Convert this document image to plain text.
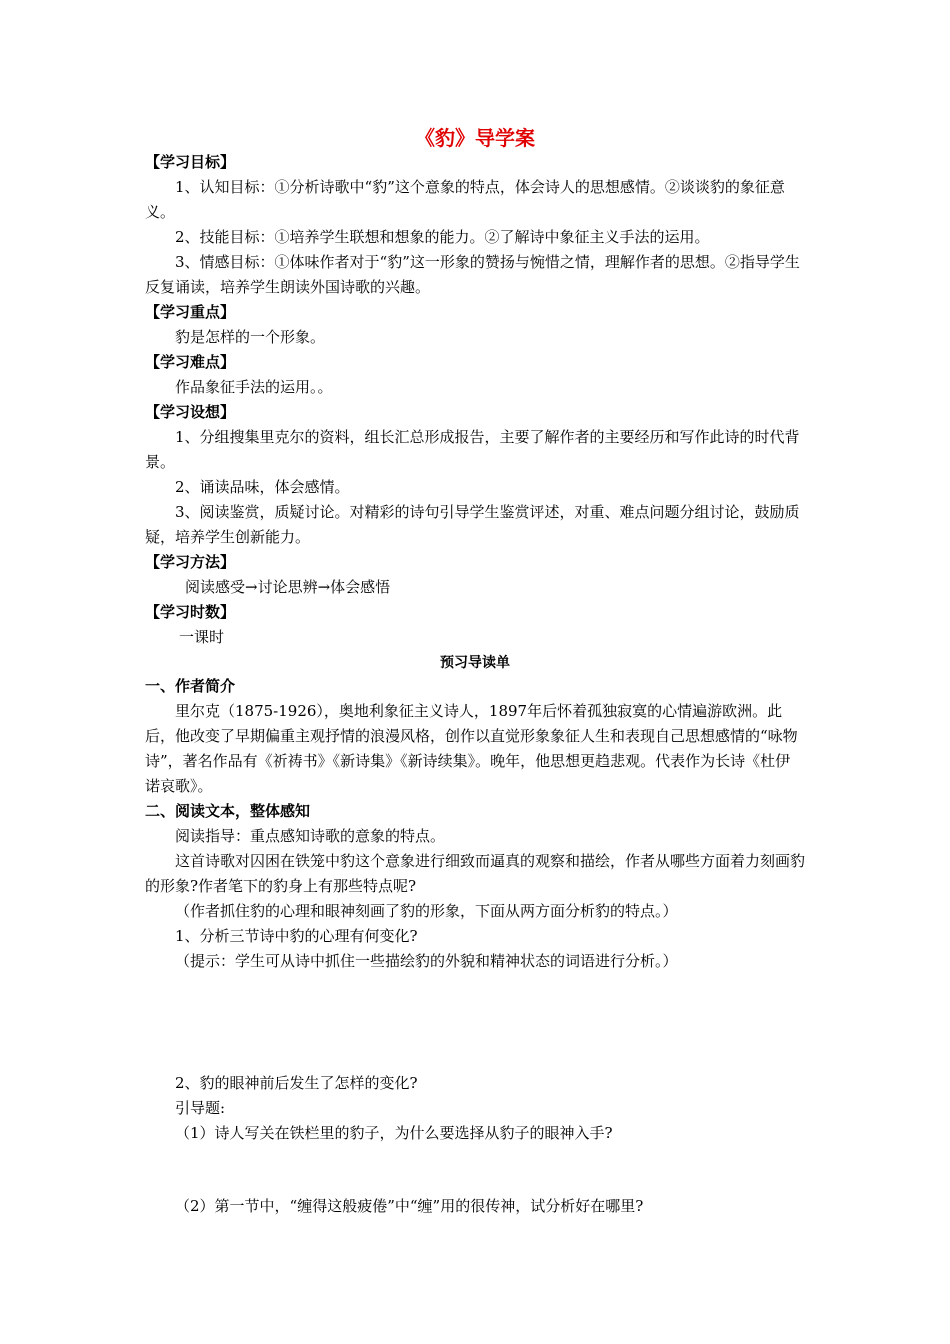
《豹》导学案

【学习目标】

1、认知目标：①分析诗歌中“豹”这个意象的特点，体会诗人的思想感情。②谈谈豹的象征意义。

2、技能目标：①培养学生联想和想象的能力。②了解诗中象征主义手法的运用。

3、情感目标：①体味作者对于“豹”这一形象的赞扬与惋惜之情，理解作者的思想。②指导学生反复诵读，培养学生朗读外国诗歌的兴趣。

【学习重点】

豹是怎样的一个形象。

【学习难点】

作品象征手法的运用。。

【学习设想】

1、分组搜集里克尔的资料，组长汇总形成报告，主要了解作者的主要经历和写作此诗的时代背景。

2、诵读品味，体会感情。

3、阅读鉴赏，质疑讨论。对精彩的诗句引导学生鉴赏评述，对重、难点问题分组讨论，鼓励质疑，培养学生创新能力。

【学习方法】

阅读感受→讨论思辨→体会感悟

【学习时数】

一课时

预习导读单

一、作者简介

里尔克（1875-1926），奥地利象征主义诗人，1897年后怀着孤独寂寞的心情遍游欧洲。此后，他改变了早期偏重主观抒情的浪漫风格，创作以直觉形象象征人生和表现自己思想感情的“咏物诗”，著名作品有《祈祷书》《新诗集》《新诗续集》。晚年，他思想更趋悲观。代表作为长诗《杜伊诺哀歌》。

二、阅读文本，整体感知

阅读指导：重点感知诗歌的意象的特点。

这首诗歌对囚困在铁笼中豹这个意象进行细致而逼真的观察和描绘，作者从哪些方面着力刻画豹的形象?作者笔下的豹身上有那些特点呢?

（作者抓住豹的心理和眼神刻画了豹的形象，下面从两方面分析豹的特点。）

1、分析三节诗中豹的心理有何变化?

（提示：学生可从诗中抓住一些描绘豹的外貌和精神状态的词语进行分析。）

2、豹的眼神前后发生了怎样的变化?

引导题:

（1）诗人写关在铁栏里的豹子，为什么要选择从豹子的眼神入手?

（2）第一节中，“缠得这般疲倦”中“缠”用的很传神，试分析好在哪里?
